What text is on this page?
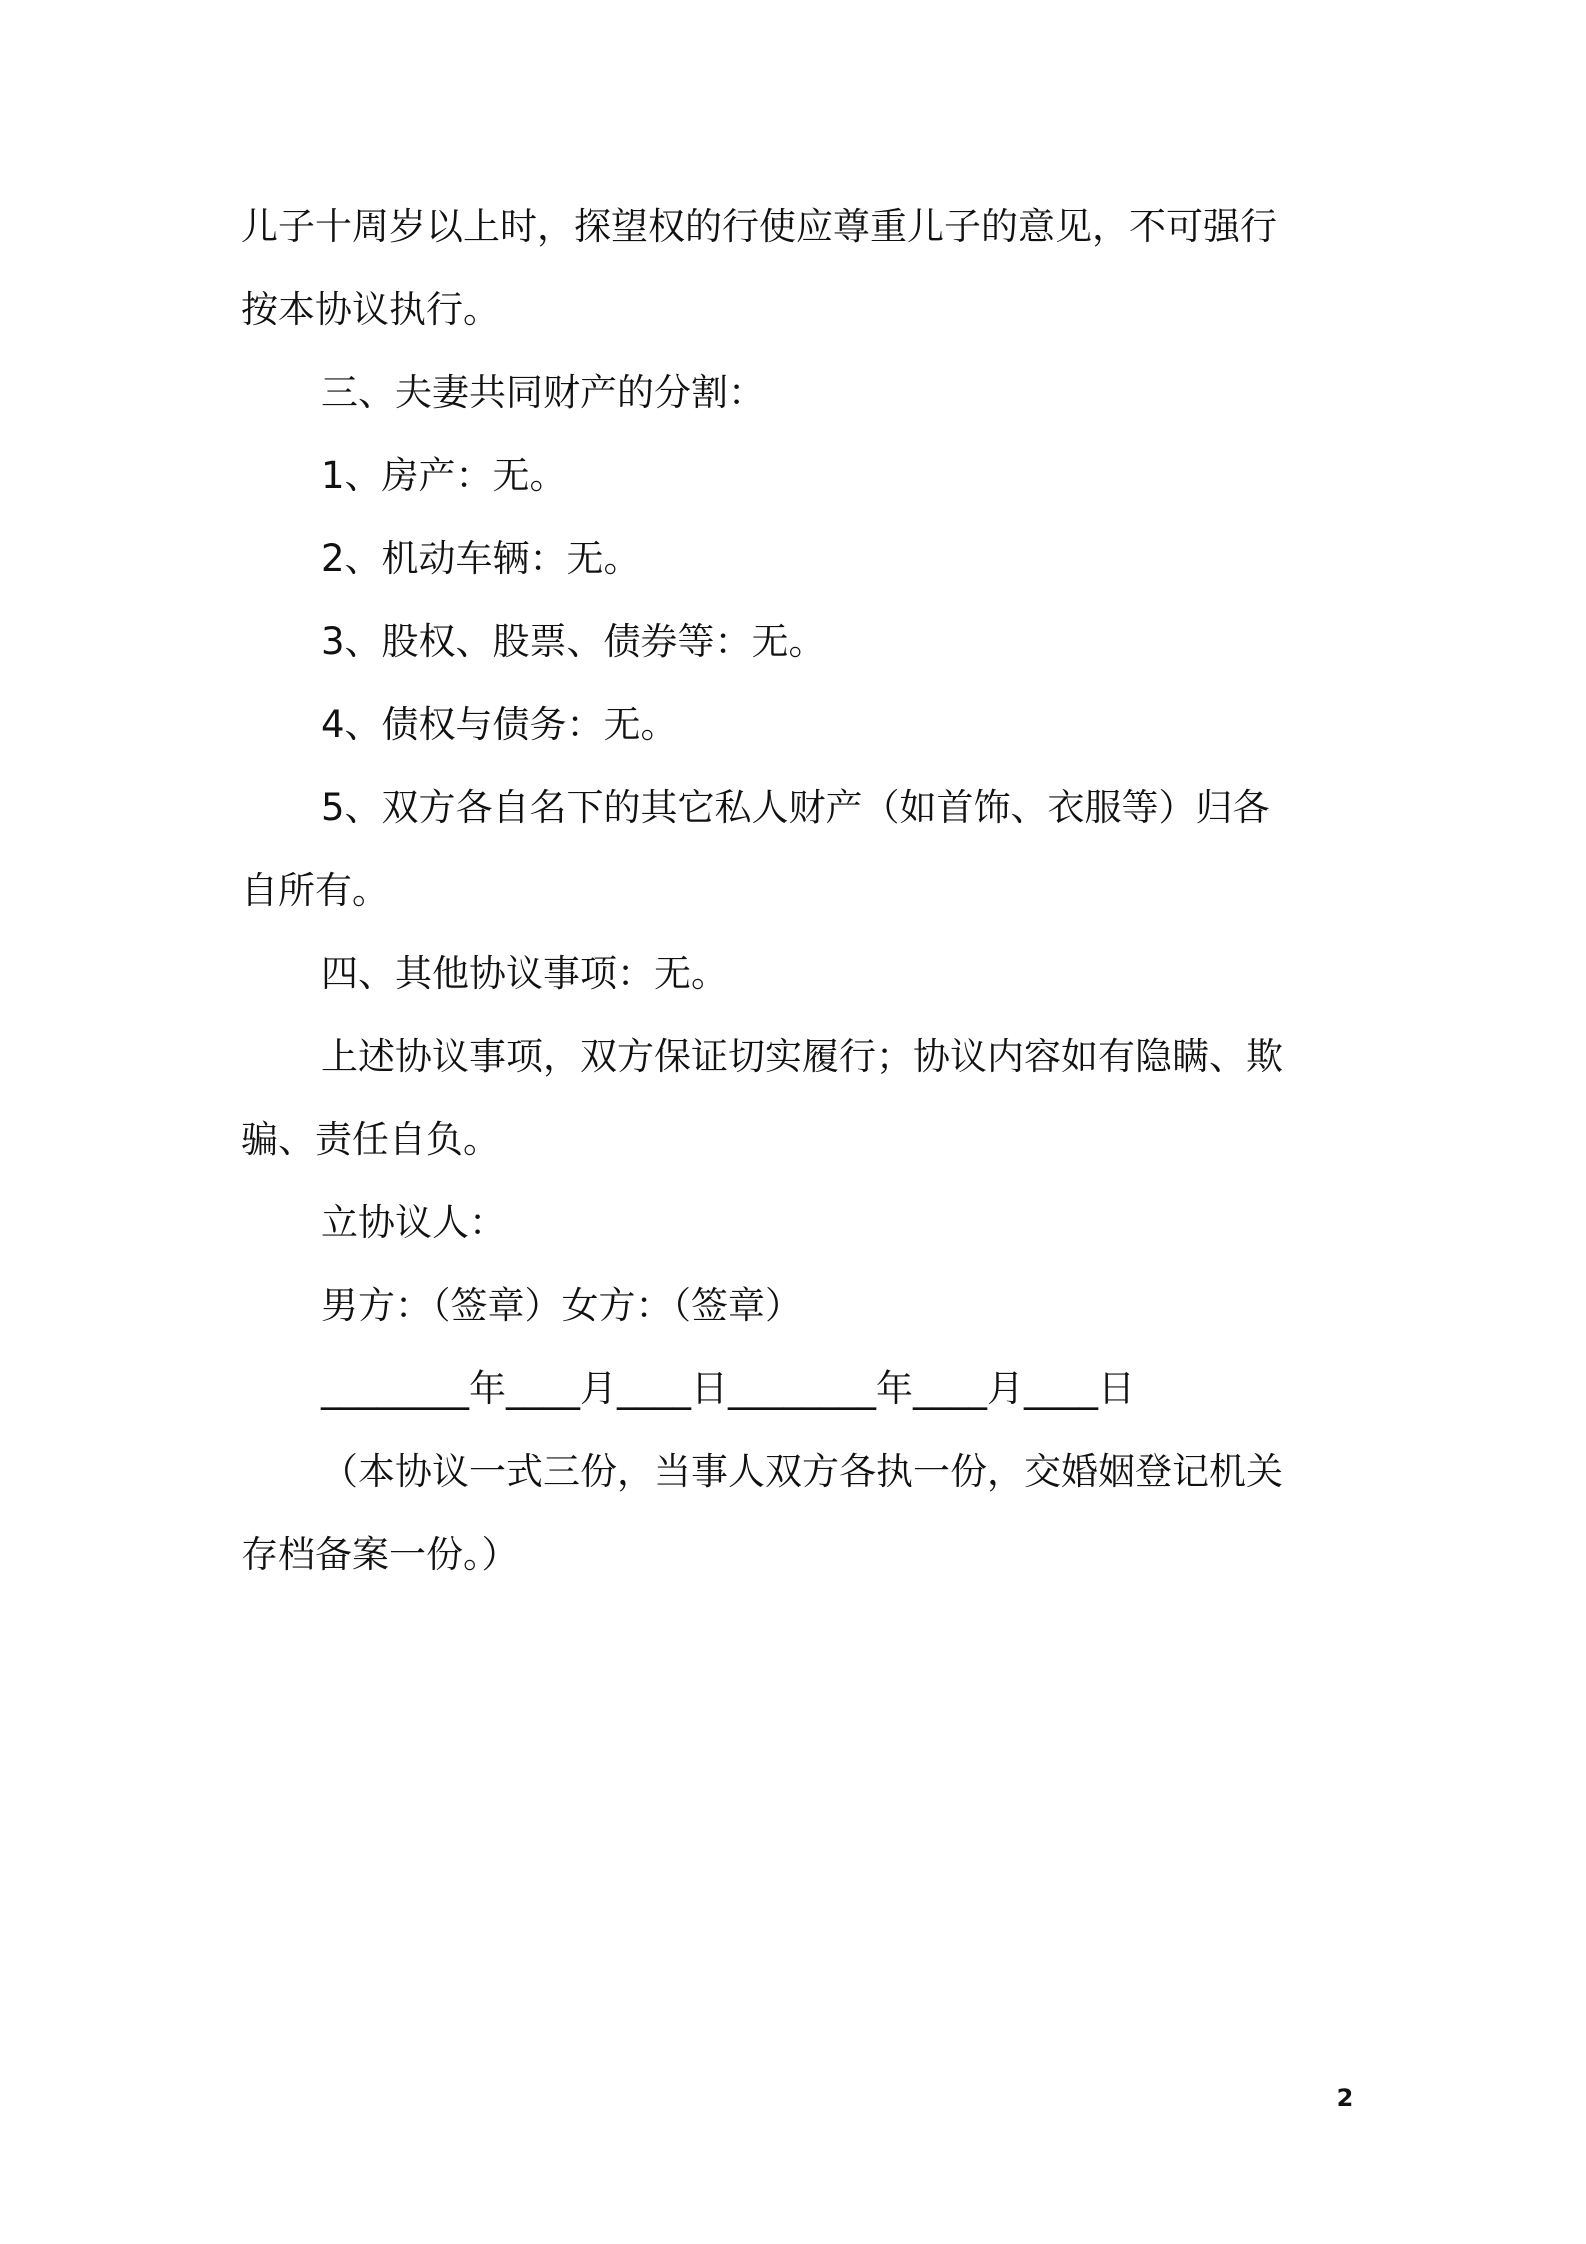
儿子十周岁以上时，探望权的行使应尊重儿子的意见，不可强行
按本协议执行。
三、夫妻共同财产的分割：
1、房产：无。
2、机动车辆：无。
3、股权、股票、债券等：无。
4、债权与债务：无。
5、双方各自名下的其它私人财产（如首饰、衣服等）归各
自所有。
四、其他协议事项：无。
上述协议事项，双方保证切实履行；协议内容如有隐瞒、欺
骗、责任自负。
立协议人：
男方：（签章）女方：（签章）
________年____月____日________年____月____日
（本协议一式三份，当事人双方各执一份，交婚姻登记机关
存档备案一份。）
2
